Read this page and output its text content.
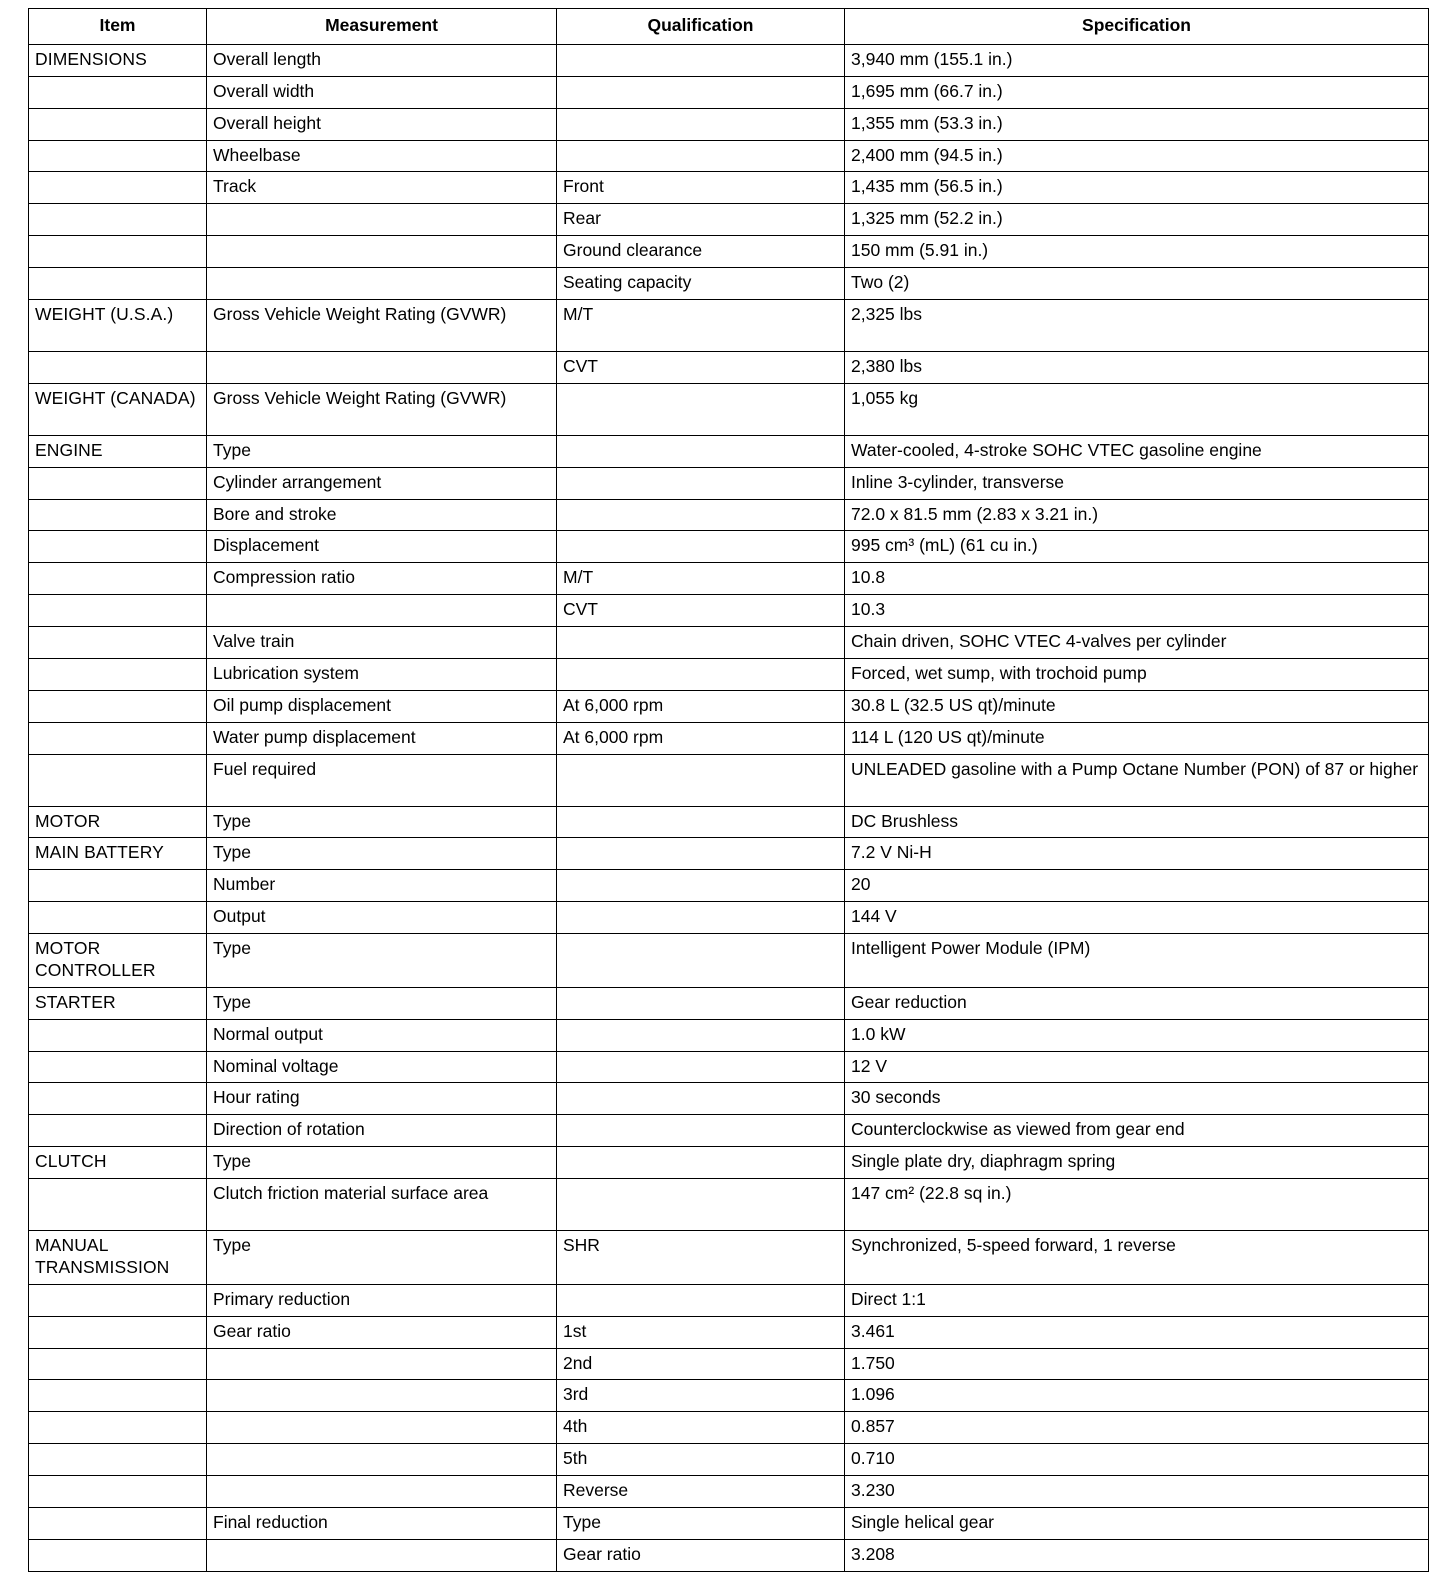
Item	Measurement	Qualification	Specification
DIMENSIONS	Overall length		3,940 mm (155.1 in.)
	Overall width		1,695 mm (66.7 in.)
	Overall height		1,355 mm (53.3 in.)
	Wheelbase		2,400 mm (94.5 in.)
	Track	Front	1,435 mm (56.5 in.)
		Rear	1,325 mm (52.2 in.)
		Ground clearance	150 mm (5.91 in.)
		Seating capacity	Two (2)
WEIGHT (U.S.A.)	Gross Vehicle Weight Rating (GVWR)	M/T	2,325 lbs
		CVT	2,380 lbs
WEIGHT (CANADA)	Gross Vehicle Weight Rating (GVWR)		1,055 kg
ENGINE	Type		Water-cooled, 4-stroke SOHC VTEC gasoline engine
	Cylinder arrangement		Inline 3-cylinder, transverse
	Bore and stroke		72.0 x 81.5 mm (2.83 x 3.21 in.)
	Displacement		995 cm³ (mL) (61 cu in.)
	Compression ratio	M/T	10.8
		CVT	10.3
	Valve train		Chain driven, SOHC VTEC 4-valves per cylinder
	Lubrication system		Forced, wet sump, with trochoid pump
	Oil pump displacement	At 6,000 rpm	30.8 L (32.5 US qt)/minute
	Water pump displacement	At 6,000 rpm	114 L (120 US qt)/minute
	Fuel required		UNLEADED gasoline with a Pump Octane Number (PON) of 87 or higher
MOTOR	Type		DC Brushless
MAIN BATTERY	Type		7.2 V Ni-H
	Number		20
	Output		144 V
MOTOR CONTROLLER	Type		Intelligent Power Module (IPM)
STARTER	Type		Gear reduction
	Normal output		1.0 kW
	Nominal voltage		12 V
	Hour rating		30 seconds
	Direction of rotation		Counterclockwise as viewed from gear end
CLUTCH	Type		Single plate dry, diaphragm spring
	Clutch friction material surface area		147 cm² (22.8 sq in.)
MANUAL TRANSMISSION	Type	SHR	Synchronized, 5-speed forward, 1 reverse
	Primary reduction		Direct 1:1
	Gear ratio	1st	3.461
		2nd	1.750
		3rd	1.096
		4th	0.857
		5th	0.710
		Reverse	3.230
	Final reduction	Type	Single helical gear
		Gear ratio	3.208
